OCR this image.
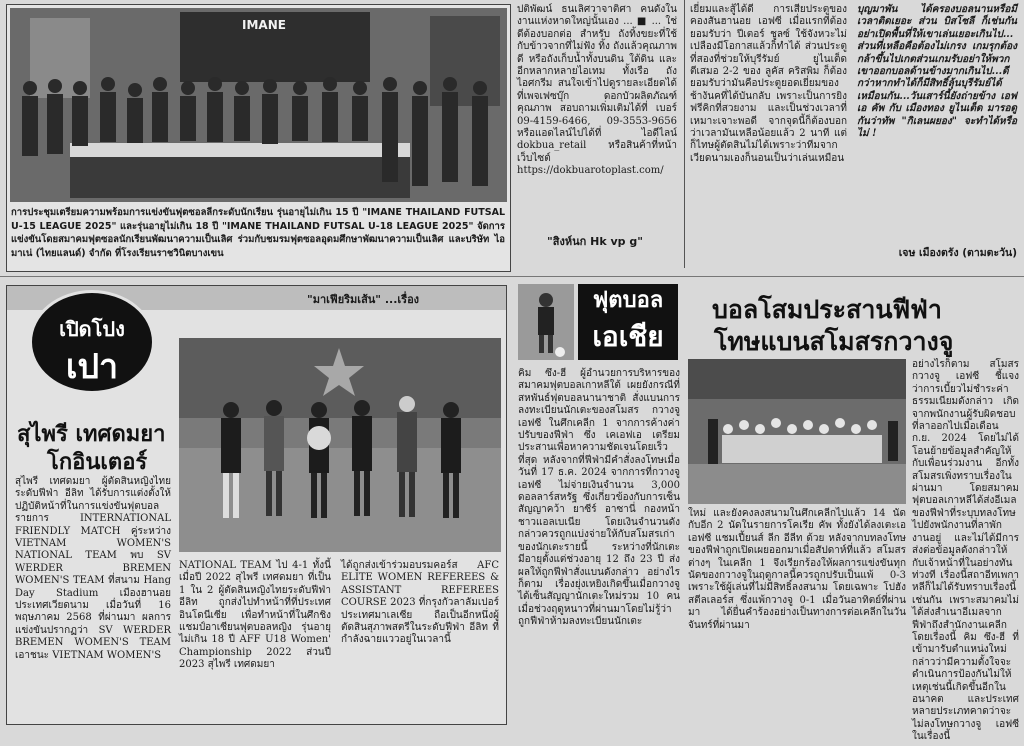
IMANE
การประชุมเตรียมความพร้อมการแข่งขันฟุตซอลลีกระดับนักเรียน รุ่นอายุไม่เกิน 15 ปี "IMANE THAILAND FUTSAL U-15 LEAGUE 2025" และรุ่นอายุไม่เกิน 18 ปี "IMANE THAILAND FUTSAL U-18 LEAGUE 2025" จัดการแข่งขันโดยสมาคมฟุตซอลนักเรียนพัฒนาความเป็นเลิศ ร่วมกับชมรมฟุตซอลอุดมศึกษาพัฒนาความเป็นเลิศ และบริษัท ไอมาเน่ (ไทยแลนด์) จำกัด ที่โรงเรียนราชวินิตบางเขน
ปติพัฒน์ ธนเลิศวาจาติศา คนดังใน งานแห่งหาดใหญ่นั้นเอง ... ■ ... ใช่ดีต้องบอกต่อ สำหรับ ถังทิ้งขยะที่ใช้กับข้าวจากที่ไม่ฟัง ทิ้ง ถังแล้วคุณภาพดี หรือถังเก็บน้ำทั้งบนดิน ใต้ดิน และอีกหลากหลายไอเทม ทั้งเรือ ถังไอศกรีม สนใจเข้าไปดูรายละเอียดได้ที่เพจเฟซบุ๊ก ดอกบัวผลิตภัณฑ์คุณภาพ สอบถามเพิ่มเติมได้ที่ เบอร์ 09-4159-6466, 09-3553-9656 หรือแอดไลน์ไปได้ที่ ไอดีไลน์ dokbua_retail หรือสินค้าที่หน้าเว็บไซต์ https://dokbuarotoplast.com/
"สิงห์นก Hk vp g"
เยี่ยมและสู้ได้ดี การเสียประตูของคองสันฮานอย เอฟซี เมื่อแรกที่ต้องยอมรับว่า ปีเตอร์ ชูลซ์ ใช้จังหวะไม่เปลืองมีโอกาสแล้วก็ทำได้ ส่วนประตูที่สองที่ช่วยให้บุรีรัมย์ ยูไนเต็ด ตีเสมอ 2-2 ของ ลูคัส คริสพิม ก็ต้องยอมรับว่ามันคือประตูยอดเยี่ยมของช้างันคที่ได้บันกลับ เพราะเป็นการยิงฟรีคิกที่สวยงาม และเป็นช่วงเวลาที่เหมาะเจาะพอดี จากจุดนี้ก็ต้องบอกว่าเวลามันเหลือน้อยแล้ว 2 นาที แต่ก็ไทษผู้ตัดสินไม่ได้เพราะว่าทีมจากเวียดนามเองก็นอนเป็นว่าเล่นเหมือน
บุญมาพัน ได้ครองบอลนานหรือมีเวลาติดเยอะ ส่วน บิสโซลี ก็เช่นกัน อย่าเปิดพื้นที่ให้เขาเล่นเยอะเกินไป... ส่วนที่เหลือคือต้องไม่เกรง เกมรุกต้องกล้าขึ้นไปเกตส่วนเกมรับอย่าให้พวกเขาออกบอลด้านข้างมากเกินไป...ดีกว่าหากทำได้ก็มีสิทธิ์ลุ้นบุรีรัมย์ได้เหมือนกัน...วันเสาร์นี้ยังถ่ายข้าง เอฟเอ คัพ กับ เมืองทอง ยูไนเต็ด มารอดูกันว่าทัพ "กิเลนผยอง" จะทำได้หรือไม่ !
เจษ เมืองตรัง (ตามตะวัน)
"มาเฟียริมเส้น" ...เรื่อง
เปิดโปง
เปา
สุไพรี เทศดมยา
โกอินเตอร์
สุไพรี เทศดมยา ผู้ตัดสินหญิงไทย ระดับฟีฟ่า อีลิท ได้รับการแต่งตั้งให้ปฏิบัติหน้าที่ในการแข่งขันฟุตบอลรายการ INTERNATIONAL FRIENDLY MATCH คู่ระหว่าง VIETNAM WOMEN'S NATIONAL TEAM พบ SV WERDER BREMEN WOMEN'S TEAM ที่สนาม Hang Day Stadium เมืองฮานอย ประเทศเวียดนาม เมื่อวันที่ 16 พฤษภาคม 2568 ที่ผ่านมา ผลการแข่งขันปรากฏว่า SV WERDER BREMEN WOMEN'S TEAM เอาชนะ VIETNAM WOMEN'S
NATIONAL TEAM ไป 4-1 ทั้งนี้เมื่อปี 2022 สุไพรี เทศดมยา ที่เป็น 1 ใน 2 ผู้ตัดสินหญิงไทยระดับฟีฟ่า อีลิท ถูกส่งไปทำหน้าที่ที่ประเทศอินโดนีเซีย เพื่อทำหน้าที่ในศึกชิงแชมป์อาเซียนฟุตบอลหญิง รุ่นอายุไม่เกิน 18 ปี AFF U18 Women' Championship 2022 ส่วนปี 2023 สุไพรี เทศดมยา
ได้ถูกส่งเข้าร่วมอบรมคอร์ส AFC ELITE WOMEN REFEREES & ASSISTANT REFEREES COURSE 2023 ที่กรุงกัวลาลัมเปอร์ ประเทศมาเลเซีย ถือเป็นอีกหนึ่งผู้ตัดสินสุภาพสตรีในระดับฟีฟ่า อีลิท ที่กำลังฉายแววอยู่ในเวลานี้
ฟุตบอล
เอเชีย
คิม ซึง-ฮี ผู้อำนวยการบริหารของสมาคมฟุตบอลเกาหลีใต้ เผยยังกรณีที่สหพันธ์ฟุตบอลนานาชาติ สั่งแบนการลงทะเบียนนักเตะของสโมสร กวางจู เอฟซี ในศึกเคลีก 1 จากการค้างค่าปรับของฟีฟ่า ซึ่ง เคเอฟเอ เตรียมประสานเพื่อหาความชัดเจนโดยเร็วที่สุด หลังจากที่ฟีฟ่ามีคำสั่งลงโทษเมื่อวันที่ 17 ธ.ค. 2024 จากการที่กวางจู เอฟซี ไม่จ่ายเงินจำนวน 3,000 ดอลลาร์สหรัฐ ซึ่งเกี่ยวข้องกับการเซ็นสัญญาคว้า ยาซีร์ อาซานี่ กองหน้าชาวแอลเบเนีย โดยเงินจำนวนดังกล่าวควรถูกแบ่งจ่ายให้กับสโมสรเก่าของนักเตะรายนี้ ระหว่างที่นักเตะมีอายุตั้งแต่ช่วงอายุ 12 ถึง 23 ปี ส่งผลให้ถูกฟีฟ่าสั่งแบนดังกล่าว อย่างไรก็ตาม เรื่องยุ่งเหยิงเกิดขึ้นเมื่อกวางจูได้เซ็นสัญญานักเตะใหม่รวม 10 คนเมื่อช่วงฤดูหนาวที่ผ่านมาโดยไม่รู้ว่าถูกฟีฟ่าห้ามลงทะเบียนนักเตะ
บอลโสมประสานฟีฟ่า
โทษแบนสโมสรกวางจู
อย่างไรก็ตาม สโมสรกวางจู เอฟซี ชี้แจงว่าการเบี้ยวไม่ชำระค่าธรรมเนียมดังกล่าว เกิดจากพนักงานผู้รับผิดชอบที่ลาออกไปเมื่อเดือน ก.ย. 2024 โดยไม่ได้โอนย้ายข้อมูลสำคัญให้กับเพื่อนร่วมงาน อีกทั้งสโมสรเพิ่งทราบเรื่องในผ่านมา โดยสมาคมฟุตบอลเกาหลีได้ส่งอีเมลของฟีฟ่าที่ระบุบทลงโทษไปยังพนักงานที่ลาพักงานอยู่ และไม่ได้มีการส่งต่อข้อมูลดังกล่าวให้กับเจ้าหน้าที่ในอย่างทันท่วงที เรื่องนี้สถาอีทเพกาหลีก็ไม่ได้รับทราบเรื่องนี้เช่นกัน เพราะสมาคมไม่ได้ส่งสำเนาอีเมลจากฟีฟ่าถึงสำนักงานเคลีก โดยเรื่องนี้ คิม ซึง-ฮี ที่เข้ามารับตำแหน่งใหม่กล่าวว่ามีความตั้งใจจะดำเนินการป้องกันไม่ให้เหตุเช่นนี้เกิดขึ้นอีกในอนาคต และประเทศหลายประเภทคาดว่าจะไม่ลงโทษกวางจู เอฟซี ในเรื่องนี้
ใหม่ และยังคงลงสนามในศึกเคลีกไปแล้ว 14 นัด กับอีก 2 นัดในรายการโคเรีย คัพ ทั้งยังได้ลงเตะเอเอฟซี แชมเปี้ยนส์ ลีก อีลีท ด้วย หลังจากบทลงโทษของฟีฟ่าถูกเปิดเผยออกมาเมื่อสัปดาห์ที่แล้ว สโมสรต่างๆ ในเคลีก 1 จึงเรียกร้องให้ผลการแข่งขันทุกนัดของกวางจูในฤดูกาลนี้ควรถูกปรับเป็นแพ้ 0-3 เพราะใช้ผู้เล่นที่ไม่มีสิทธิ์ลงสนาม โดยเฉพาะ โปฮัง สตีลเลอร์ส ซึ่งแพ้กวางจู 0-1 เมื่อวันอาทิตย์ที่ผ่านมา ได้ยื่นคำร้องอย่างเป็นทางการต่อเคลีกในวันจันทร์ที่ผ่านมา
